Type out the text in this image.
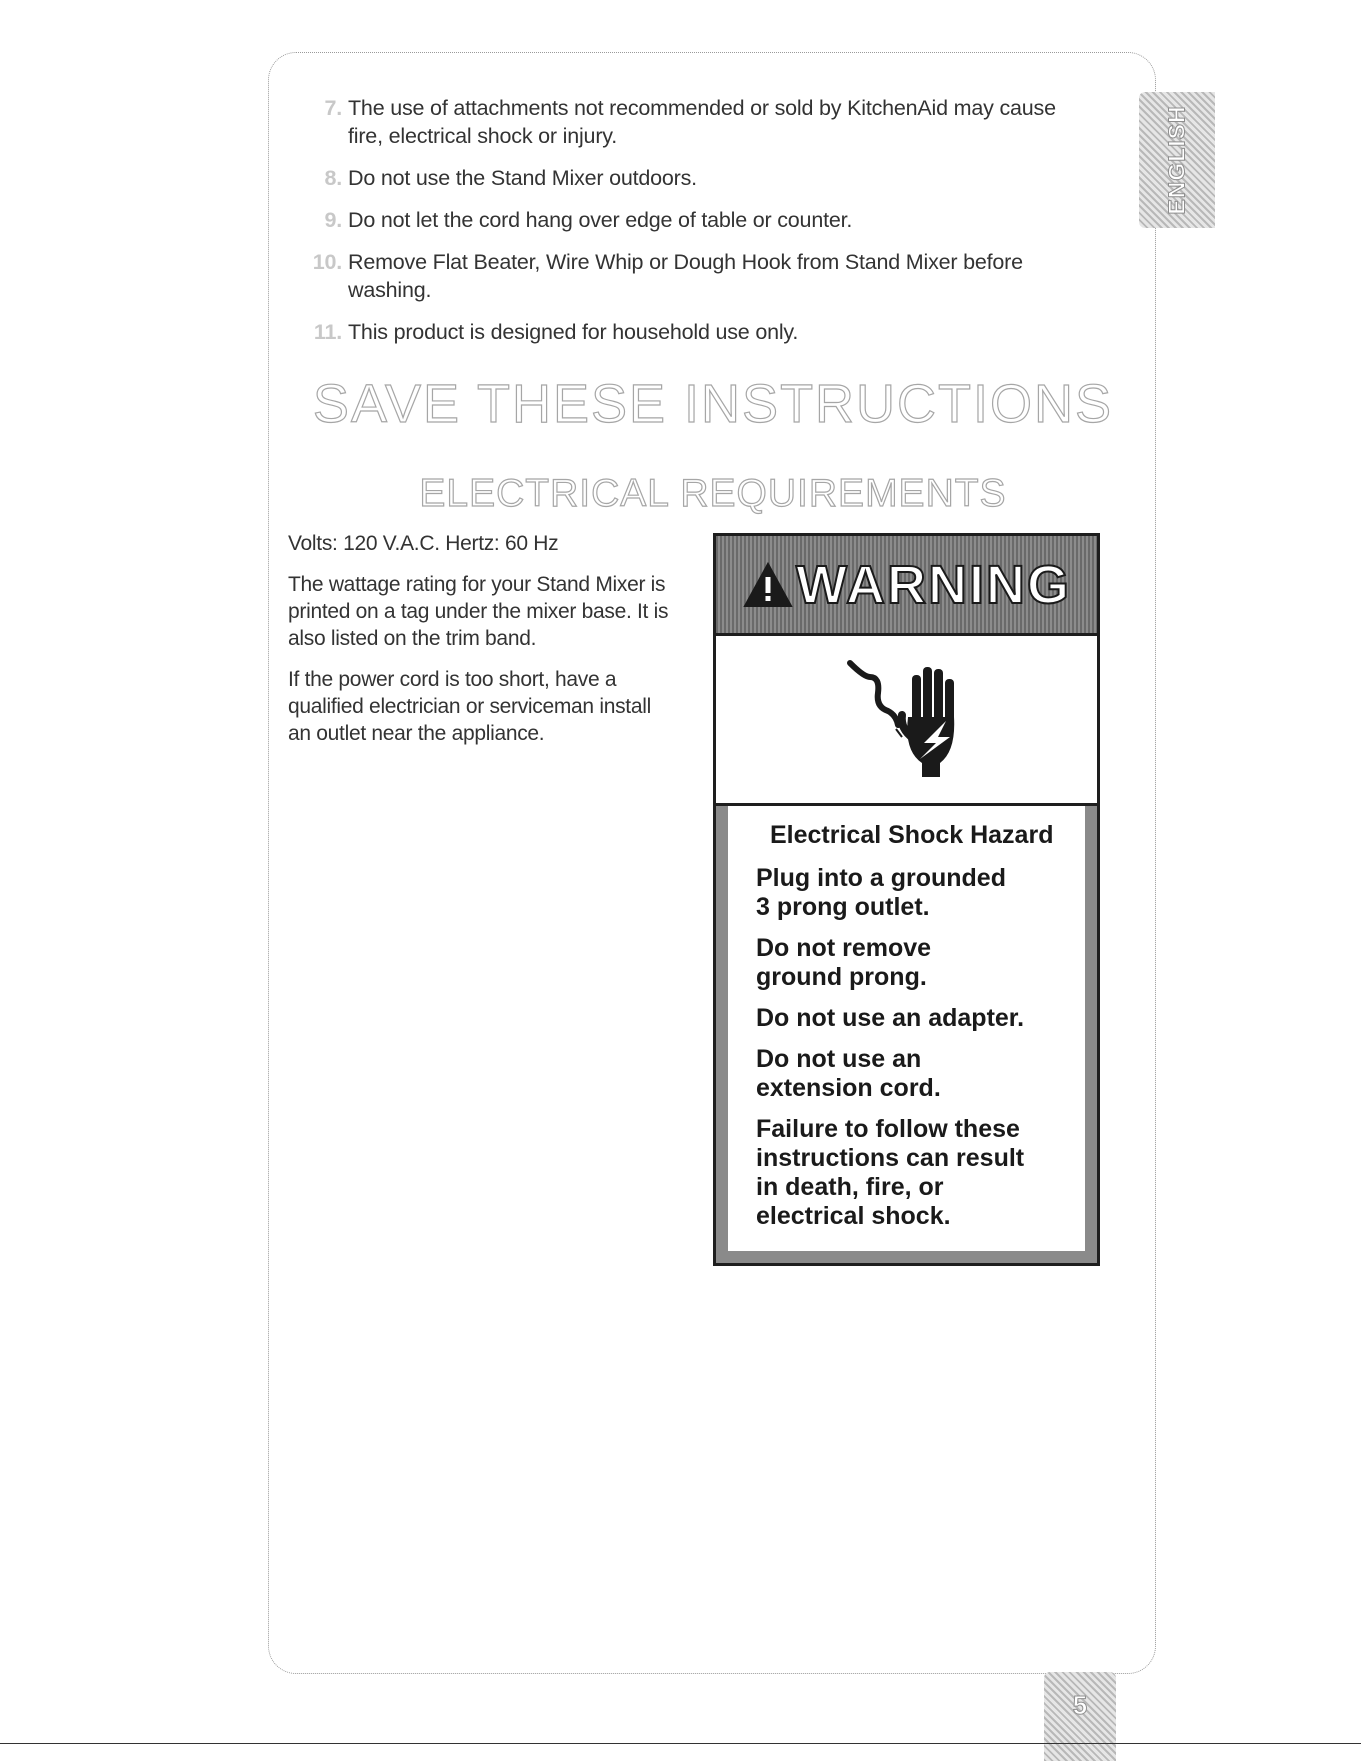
7. The use of attachments not recommended or sold by KitchenAid may cause fire, electrical shock or injury.
8. Do not use the Stand Mixer outdoors.
9. Do not let the cord hang over edge of table or counter.
10. Remove Flat Beater, Wire Whip or Dough Hook from Stand Mixer before washing.
11. This product is designed for household use only.
SAVE THESE INSTRUCTIONS
ELECTRICAL REQUIREMENTS

Volts: 120 V.A.C. Hertz: 60 Hz

The wattage rating for your Stand Mixer is printed on a tag under the mixer base. It is also listed on the trim band.

If the power cord is too short, have a qualified electrician or serviceman install an outlet near the appliance.

WARNING
Electrical Shock Hazard
Plug into a grounded
3 prong outlet.
Do not remove
ground prong.
Do not use an adapter.
Do not use an
extension cord.
Failure to follow these
instructions can result
in death, fire, or
electrical shock.
ENGLISH
5
